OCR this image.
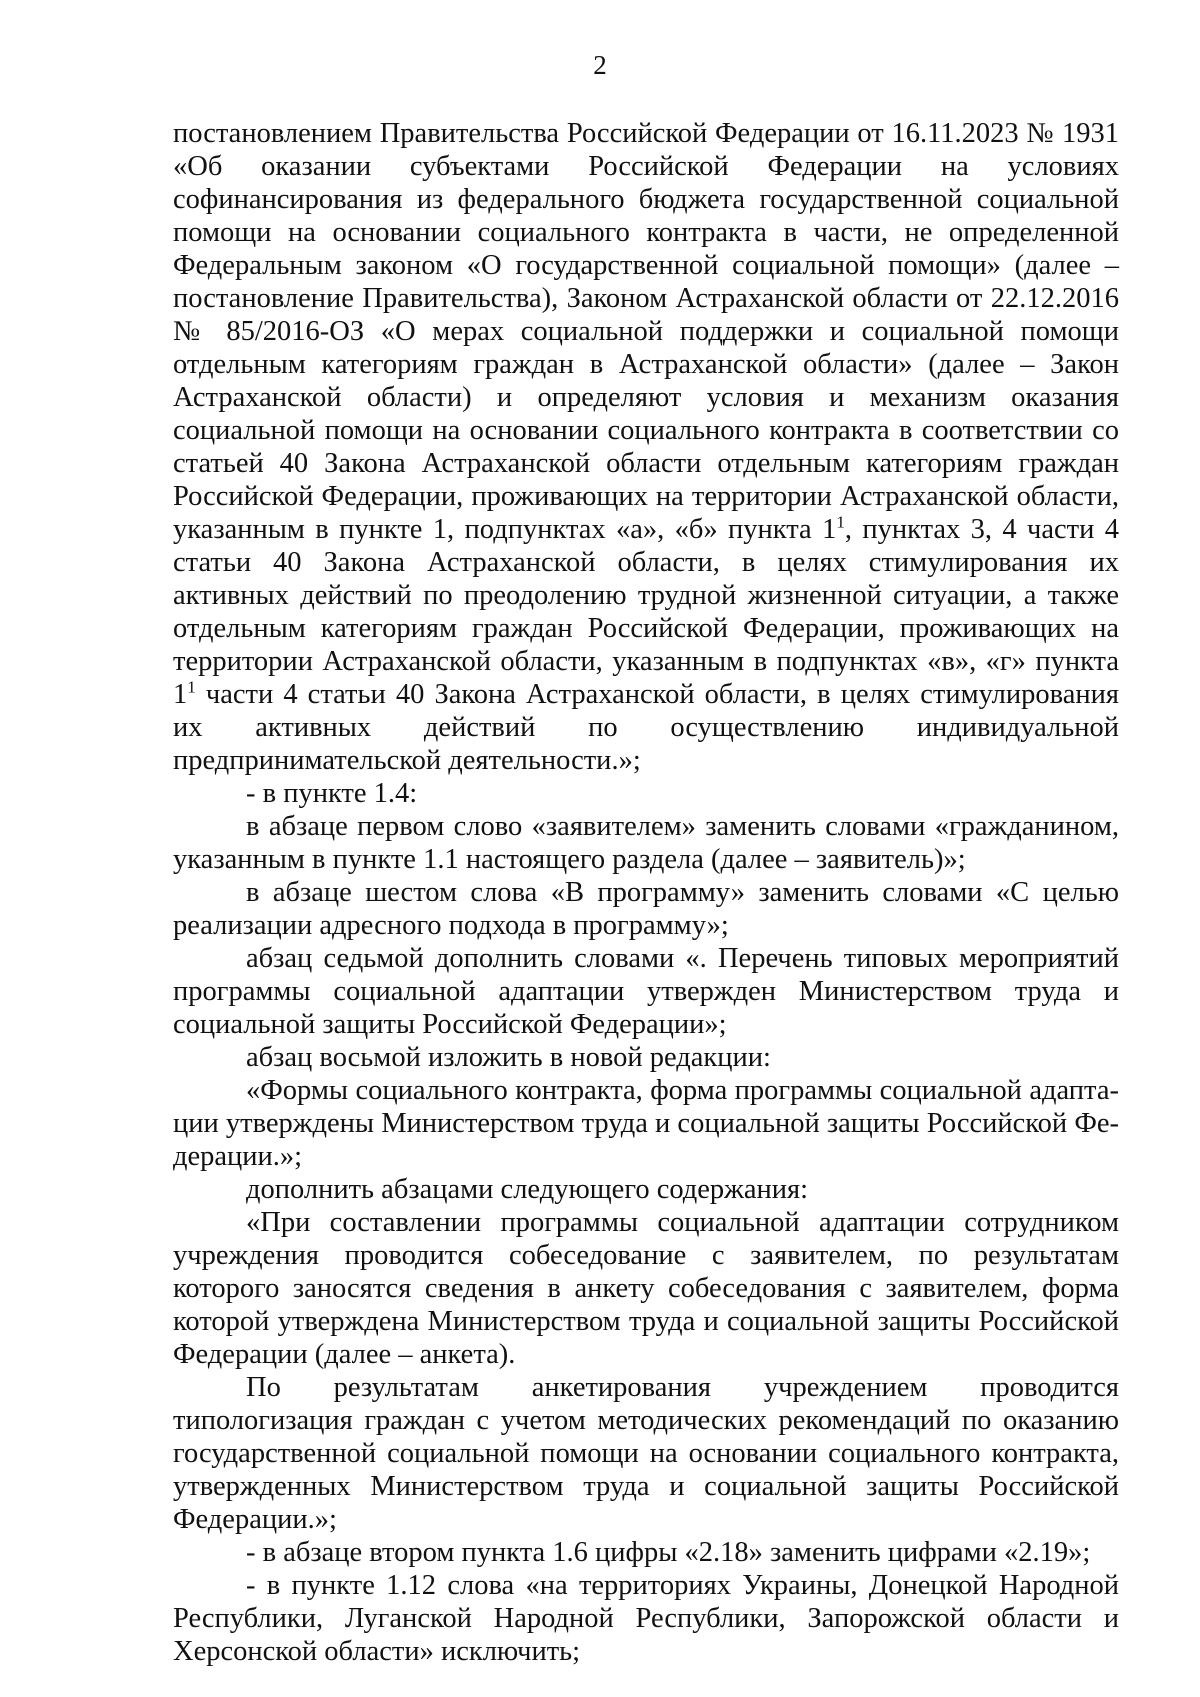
2

постановлением Правительства Российской Федерации от 16.11.2023 № 1931 «Об оказании субъектами Российской Федерации на условиях софинансирования из федерального бюджета государственной социальной помощи на основании социального контракта в части, не определенной Федеральным законом «О государственной социальной помощи» (далее – постановление Правительства), Законом Астраханской области от 22.12.2016 № 85/2016-ОЗ «О мерах социальной поддержки и социальной помощи отдельным категориям граждан в Астраханской области» (далее – Закон Астраханской области) и определяют условия и механизм оказания социальной помощи на основании социального контракта в соответствии со статьей 40 Закона Астраханской области отдельным категориям граждан Российской Федерации, проживающих на территории Астраханской области, указанным в пункте 1, подпунктах «а», «б» пункта $1^1$, пунктах 3, 4 части 4 статьи 40 Закона Астраханской области, в целях стимулирования их активных действий по преодолению трудной жизненной ситуации, а также отдельным категориям граждан Российской Федерации, проживающих на территории Астраханской области, указанным в подпунктах «в», «г» пункта $1^1$ части 4 статьи 40 Закона Астраханской области, в целях стимулирования их активных действий по осуществлению индивидуальной предпринимательской деятельности.»;

- в пункте 1.4:

в абзаце первом слово «заявителем» заменить словами «гражданином, указанным в пункте 1.1 настоящего раздела (далее – заявитель)»;

в абзаце шестом слова «В программу» заменить словами «С целью реализации адресного подхода в программу»;

абзац седьмой дополнить словами «. Перечень типовых мероприятий программы социальной адаптации утвержден Министерством труда и социальной защиты Российской Федерации»;

абзац восьмой изложить в новой редакции:

«Формы социального контракта, форма программы социальной адаптации утверждены Министерством труда и социальной защиты Российской Федерации.»;

дополнить абзацами следующего содержания:

«При составлении программы социальной адаптации сотрудником учреждения проводится собеседование с заявителем, по результатам которого заносятся сведения в анкету собеседования с заявителем, форма которой утверждена Министерством труда и социальной защиты Российской Федерации (далее – анкета).

По результатам анкетирования учреждением проводится типологизация граждан с учетом методических рекомендаций по оказанию государственной социальной помощи на основании социального контракта, утвержденных Министерством труда и социальной защиты Российской Федерации.»;

- в абзаце втором пункта 1.6 цифры «2.18» заменить цифрами «2.19»;

- в пункте 1.12 слова «на территориях Украины, Донецкой Народной Республики, Луганской Народной Республики, Запорожской области и Херсонской области» исключить;
